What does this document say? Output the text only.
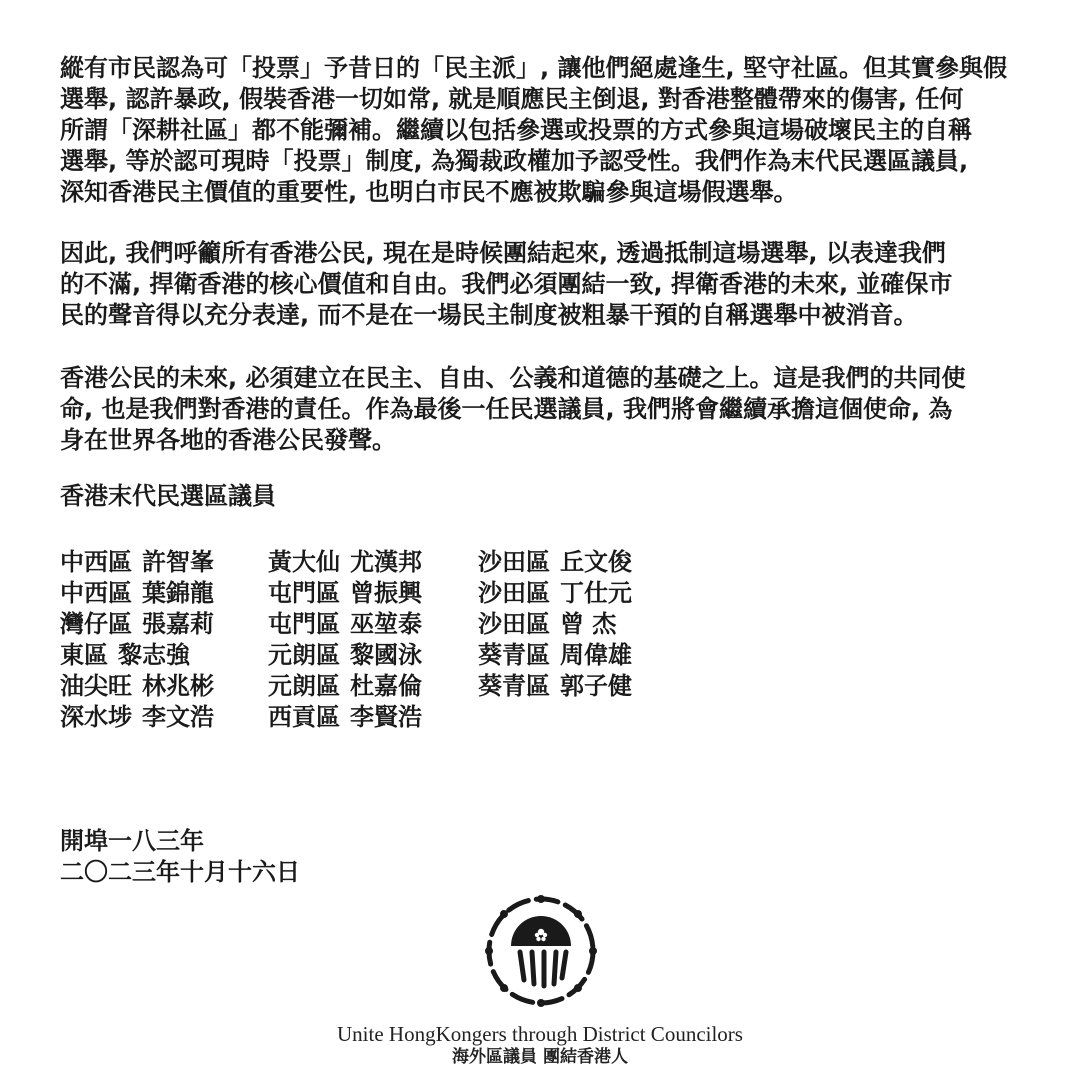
縱有市民認為可「投票」予昔日的「民主派」, 讓他們絕處逢生, 堅守社區。但其實參與假
選舉, 認許暴政, 假裝香港一切如常, 就是順應民主倒退, 對香港整體帶來的傷害, 任何
所謂「深耕社區」都不能彌補。繼續以包括參選或投票的方式參與這場破壞民主的自稱
選舉, 等於認可現時「投票」制度, 為獨裁政權加予認受性。我們作為末代民選區議員,
深知香港民主價值的重要性, 也明白市民不應被欺騙參與這場假選舉。

因此, 我們呼籲所有香港公民, 現在是時候團結起來, 透過抵制這場選舉, 以表達我們
的不滿, 捍衛香港的核心價值和自由。我們必須團結一致, 捍衛香港的未來, 並確保市
民的聲音得以充分表達, 而不是在一場民主制度被粗暴干預的自稱選舉中被消音。

香港公民的未來, 必須建立在民主、自由、公義和道德的基礎之上。這是我們的共同使
命, 也是我們對香港的責任。作為最後一任民選議員, 我們將會繼續承擔這個使命, 為
身在世界各地的香港公民發聲。

香港末代民選區議員

中西區 許智峯
中西區 葉錦龍
灣仔區 張嘉莉
東區 黎志強
油尖旺 林兆彬
深水埗 李文浩
黃大仙 尤漢邦
屯門區 曾振興
屯門區 巫堃泰
元朗區 黎國泳
元朗區 杜嘉倫
西貢區 李賢浩
沙田區 丘文俊
沙田區 丁仕元
沙田區 曾 杰
葵青區 周偉雄
葵青區 郭子健
開埠一八三年
二〇二三年十月十六日
Unite HongKongers through District Councilors
海外區議員 團結香港人
